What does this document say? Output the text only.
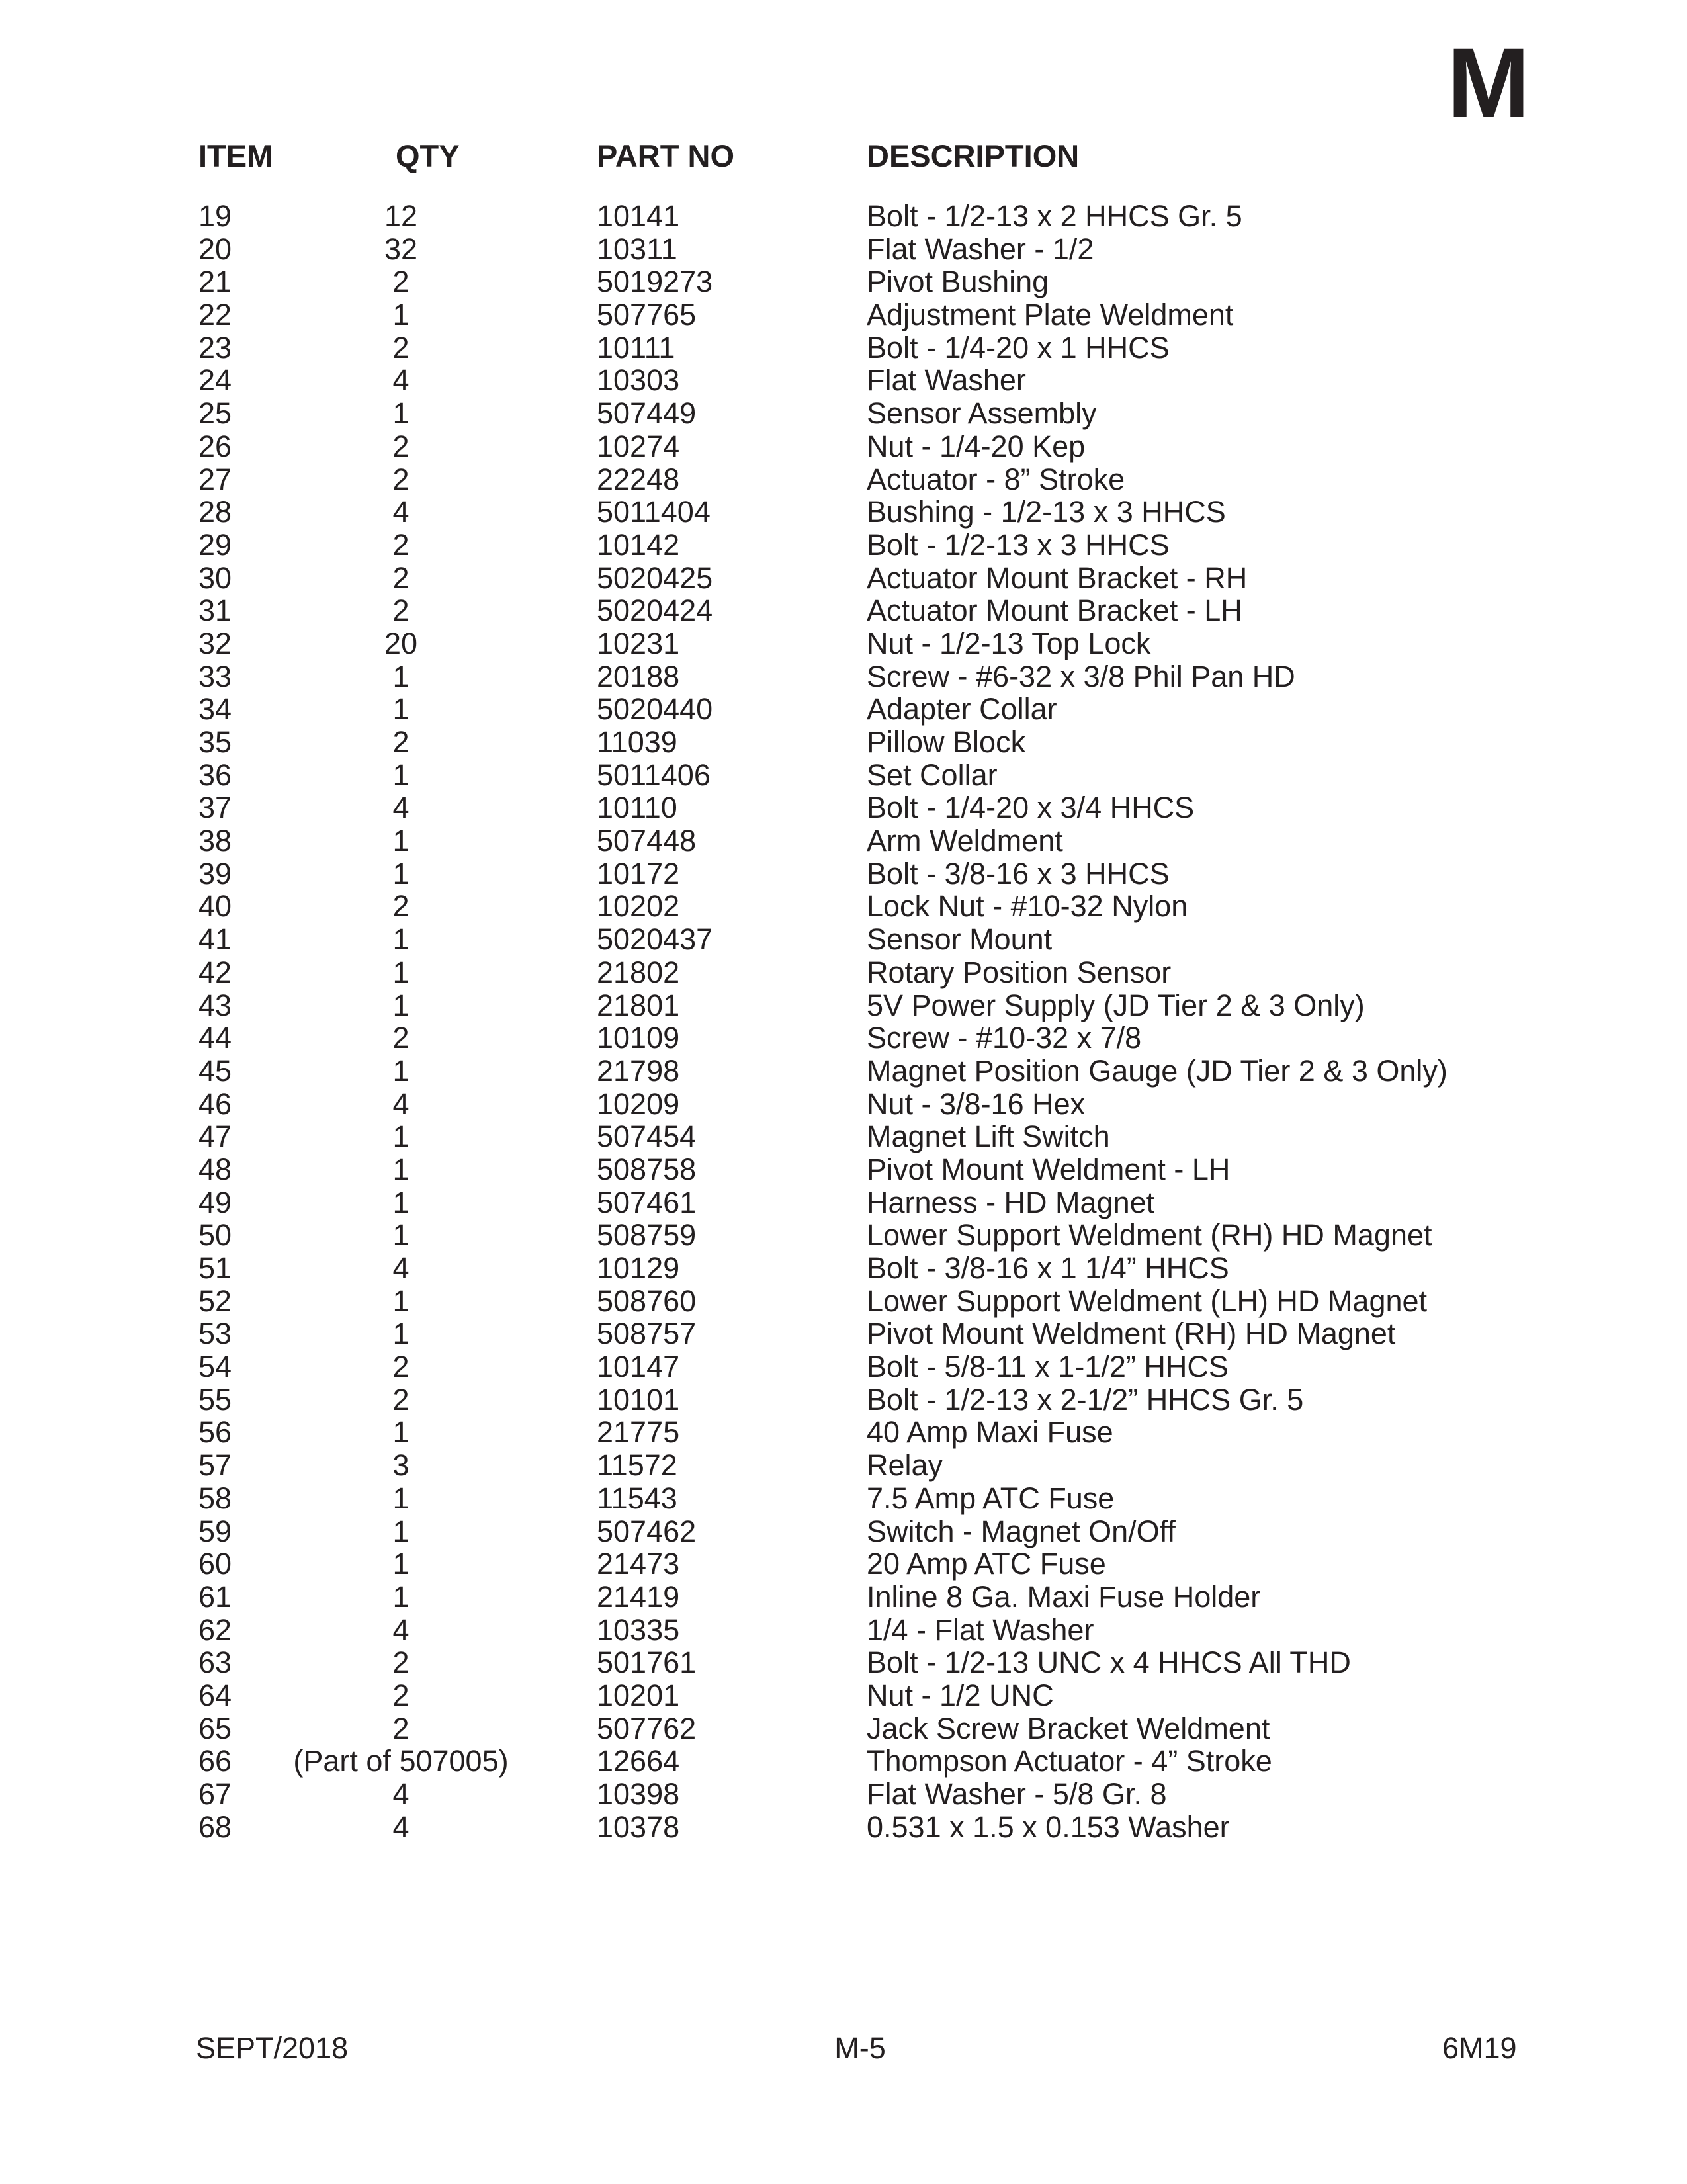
M
ITEM	QTY	PART NO	DESCRIPTION
19	12	10141	Bolt - 1/2-13 x 2 HHCS Gr. 5
20	32	10311	Flat Washer - 1/2
21	2	5019273	Pivot Bushing
22	1	507765	Adjustment Plate Weldment
23	2	10111	Bolt - 1/4-20 x 1 HHCS
24	4	10303	Flat Washer
25	1	507449	Sensor Assembly
26	2	10274	Nut - 1/4-20 Kep
27	2	22248	Actuator - 8” Stroke
28	4	5011404	Bushing - 1/2-13 x 3 HHCS
29	2	10142	Bolt - 1/2-13 x 3 HHCS
30	2	5020425	Actuator Mount Bracket - RH
31	2	5020424	Actuator Mount Bracket - LH
32	20	10231	Nut - 1/2-13 Top Lock
33	1	20188	Screw - #6-32 x 3/8 Phil Pan HD
34	1	5020440	Adapter Collar
35	2	11039	Pillow Block
36	1	5011406	Set Collar
37	4	10110	Bolt - 1/4-20 x 3/4 HHCS
38	1	507448	Arm Weldment
39	1	10172	Bolt - 3/8-16 x 3 HHCS
40	2	10202	Lock Nut - #10-32 Nylon
41	1	5020437	Sensor Mount
42	1	21802	Rotary Position Sensor
43	1	21801	5V Power Supply (JD Tier 2 & 3 Only)
44	2	10109	Screw - #10-32 x 7/8
45	1	21798	Magnet Position Gauge (JD Tier 2 & 3 Only)
46	4	10209	Nut - 3/8-16 Hex
47	1	507454	Magnet Lift Switch
48	1	508758	Pivot Mount Weldment - LH
49	1	507461	Harness - HD Magnet
50	1	508759	Lower Support Weldment (RH) HD Magnet
51	4	10129	Bolt - 3/8-16 x 1 1/4” HHCS
52	1	508760	Lower Support Weldment (LH) HD Magnet
53	1	508757	Pivot Mount Weldment (RH) HD Magnet
54	2	10147	Bolt - 5/8-11 x 1-1/2” HHCS
55	2	10101	Bolt - 1/2-13 x 2-1/2” HHCS Gr. 5
56	1	21775	40 Amp Maxi Fuse
57	3	11572	Relay
58	1	11543	7.5 Amp ATC Fuse
59	1	507462	Switch - Magnet On/Off
60	1	21473	20 Amp ATC Fuse
61	1	21419	Inline 8 Ga. Maxi Fuse Holder
62	4	10335	1/4 - Flat Washer
63	2	501761	Bolt - 1/2-13 UNC x 4 HHCS All THD
64	2	10201	Nut - 1/2 UNC
65	2	507762	Jack Screw Bracket Weldment
66	(Part of 507005)	12664	Thompson Actuator - 4” Stroke
67	4	10398	Flat Washer - 5/8 Gr. 8
68	4	10378	0.531 x 1.5 x 0.153 Washer
SEPT/2018	M-5	6M19
